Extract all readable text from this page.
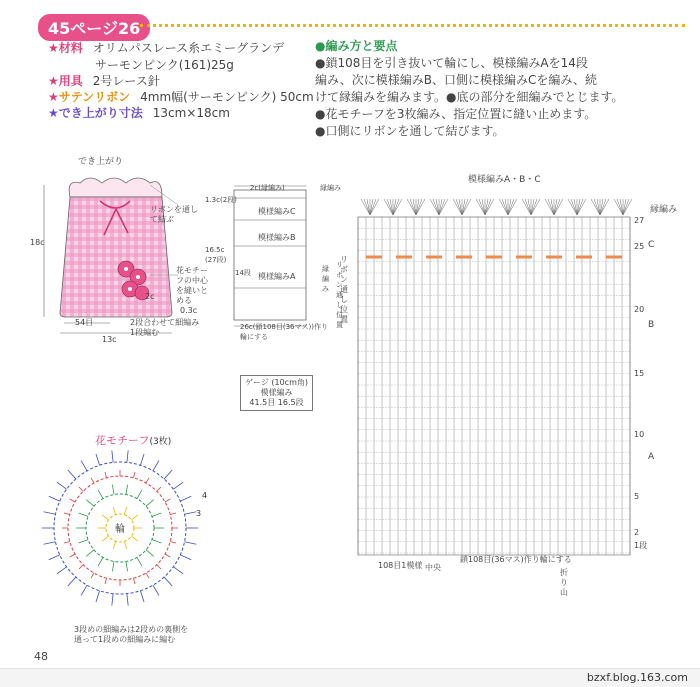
45ページ26
★材料 オリムパスレース糸エミーグランデ
サーモンピンク(161)25g
★用具 2号レース針
★サテンリボン 4mm幅(サーモンピンク) 50cm
★でき上がり寸法 13cm×18cm
●編み方と要点
●鎖108目を引き抜いて輪にし、模様編みAを14段
編み、次に模様編みB、口側に模様編みCを編み、続
けて縁編みを編みます。●底の部分を細編みでとじます。
●花モチーフを3枚編み、指定位置に縫い止めます。
●口側にリボンを通して結びます。
でき上がり
リボンを通して結ぶ
花モチーフの中心を縫いとめる
18c
13c
0.3c
54目	2段合わせて細編み1段編む
2c
2c(縁編み)	縁編み
模様編みC
模様編みB
模様編みA
1.3c
16.5c
(27段)
(2段)
14段
26c(鎖108目(36マス))作り輪にする
縁編み
リボン通し位置
ゲージ (10cm角)
模様編み
41.5目 16.5段
模様編みA・B・C
縁編み
C
B
A
27
25
20
15
10
5
2
1段
108目1模様 中央
鎖108目(36マス)作り輪にする
折り山
リボン通し位置
花モチーフ(3枚)
輪
4
3
3段めの細編みは2段めの裏側を通って1段めの細編みに編む
48
bzxf.blog.163.com
